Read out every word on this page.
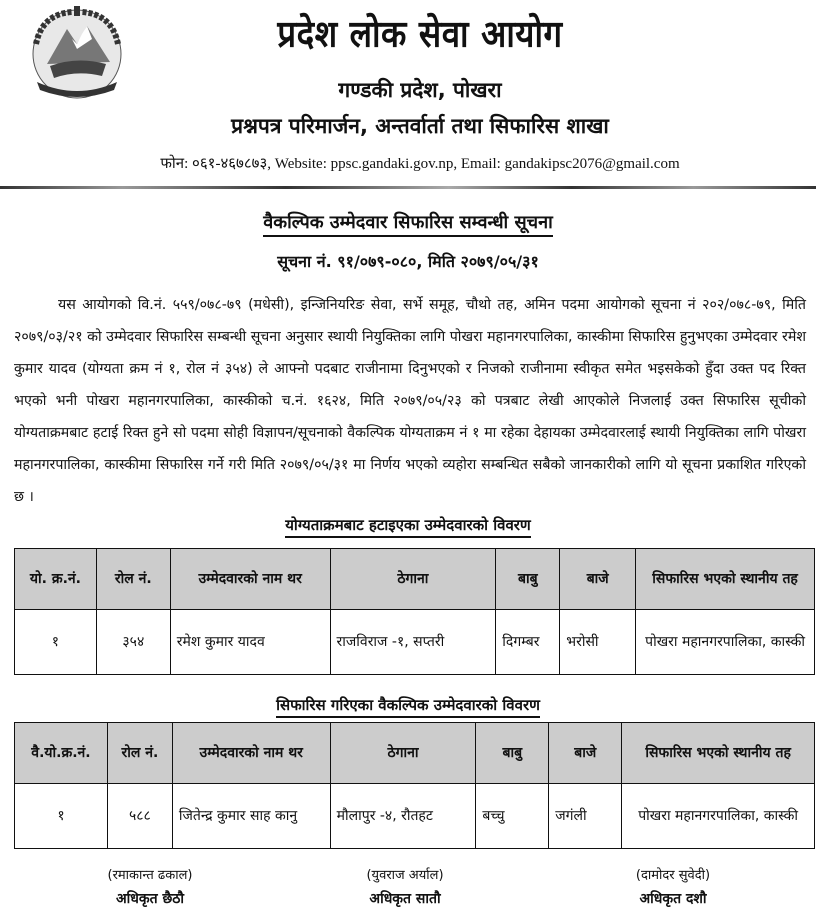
प्रदेश लोक सेवा आयोग
गण्डकी प्रदेश, पोखरा
प्रश्नपत्र परिमार्जन, अन्तर्वार्ता तथा सिफारिस शाखा
फोन: ०६१-४६७८७३, Website: ppsc.gandaki.gov.np, Email: gandakipsc2076@gmail.com
वैकल्पिक उम्मेदवार सिफारिस सम्वन्धी सूचना
सूचना नं. ९१/०७९-०८०, मिति २०७९/०५/३१
यस आयोगको वि.नं. ५५९/०७८-७९ (मधेसी), इन्जिनियरिङ सेवा, सर्भे समूह, चौथो तह, अमिन पदमा आयोगको सूचना नं २०२/०७८-७९, मिति २०७९/०३/२१ को उम्मेदवार सिफारिस सम्बन्धी सूचना अनुसार स्थायी नियुक्तिका लागि पोखरा महानगरपालिका, कास्कीमा सिफारिस हुनुभएका उम्मेदवार रमेश कुमार यादव (योग्यता क्रम नं १, रोल नं ३५४) ले आफ्नो पदबाट राजीनामा दिनुभएको र निजको राजीनामा स्वीकृत समेत भइसकेको हुँदा उक्त पद रिक्त भएको भनी पोखरा महानगरपालिका, कास्कीको च.नं. १६२४, मिति २०७९/०५/२३ को पत्रबाट लेखी आएकोले निजलाई उक्त सिफारिस सूचीको योग्यताक्रमबाट हटाई रिक्त हुने सो पदमा सोही विज्ञापन/सूचनाको वैकल्पिक योग्यताक्रम नं १ मा रहेका देहायका उम्मेदवारलाई स्थायी नियुक्तिका लागि पोखरा महानगरपालिका, कास्कीमा सिफारिस गर्ने गरी मिति २०७९/०५/३१ मा निर्णय भएको व्यहोरा सम्बन्धित सबैको जानकारीको लागि यो सूचना प्रकाशित गरिएको छ ।
योग्यताक्रमबाट हटाइएका उम्मेदवारको विवरण
यो. क्र.नं.	रोल नं.	उम्मेदवारको नाम थर	ठेगाना	बाबु	बाजे	सिफारिस भएको स्थानीय तह
१	३५४	रमेश कुमार यादव	राजविराज -१, सप्तरी	दिगम्बर	भरोसी	पोखरा महानगरपालिका, कास्की
सिफारिस गरिएका वैकल्पिक उम्मेदवारको विवरण
वै.यो.क्र.नं.	रोल नं.	उम्मेदवारको नाम थर	ठेगाना	बाबु	बाजे	सिफारिस भएको स्थानीय तह
१	५८८	जितेन्द्र कुमार साह कानु	मौलापुर -४, रौतहट	बच्चु	जगंली	पोखरा महानगरपालिका, कास्की
(रमाकान्त ढकाल)
अधिकृत छैठौ
(युवराज अर्याल)
अधिकृत सातौ
(दामोदर सुवेदी)
अधिकृत दशौ
